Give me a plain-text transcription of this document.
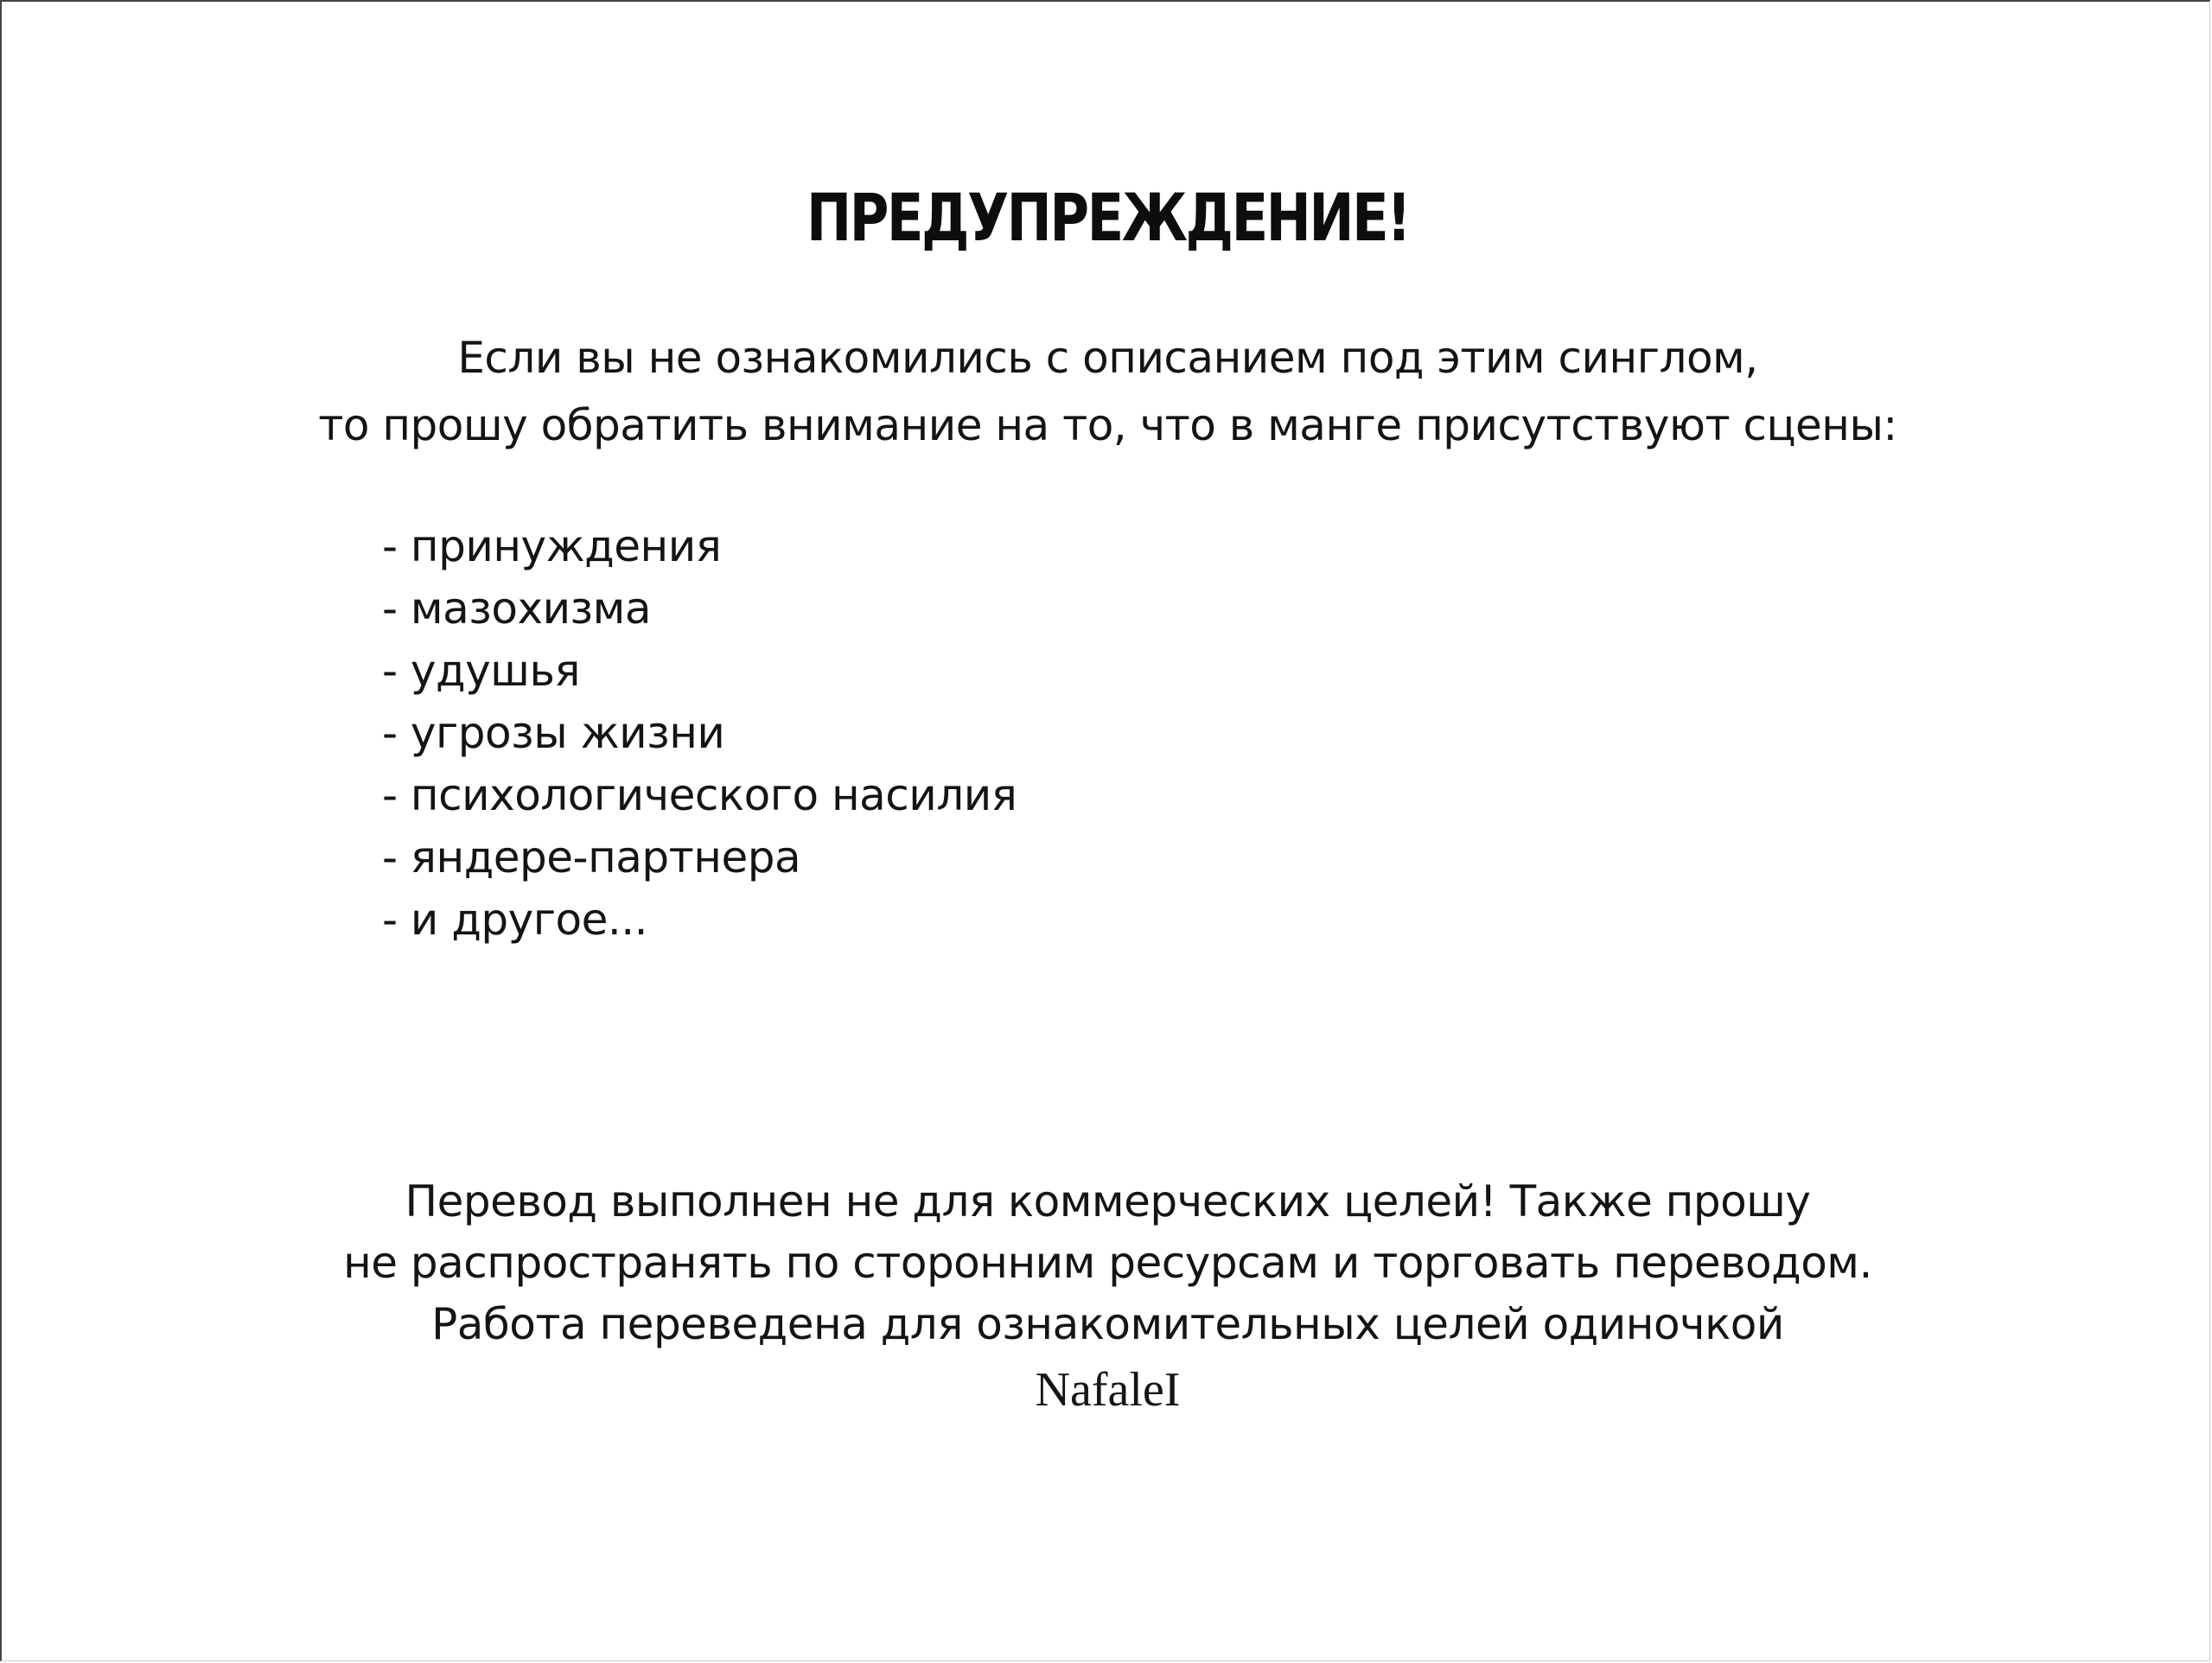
ПРЕДУПРЕЖДЕНИЕ!
Если вы не ознакомились с описанием под этим синглом,
то прошу обратить внимание на то, что в манге присутствуют сцены:
- принуждения
- мазохизма
- удушья
- угрозы жизни
- психологического насилия
- яндере-партнера
- и другое...
Перевод выполнен не для коммерческих целей! Также прошу
не распространять по сторонним ресурсам и торговать переводом.
Работа переведена для ознакомительных целей одиночкой
NafaleI
